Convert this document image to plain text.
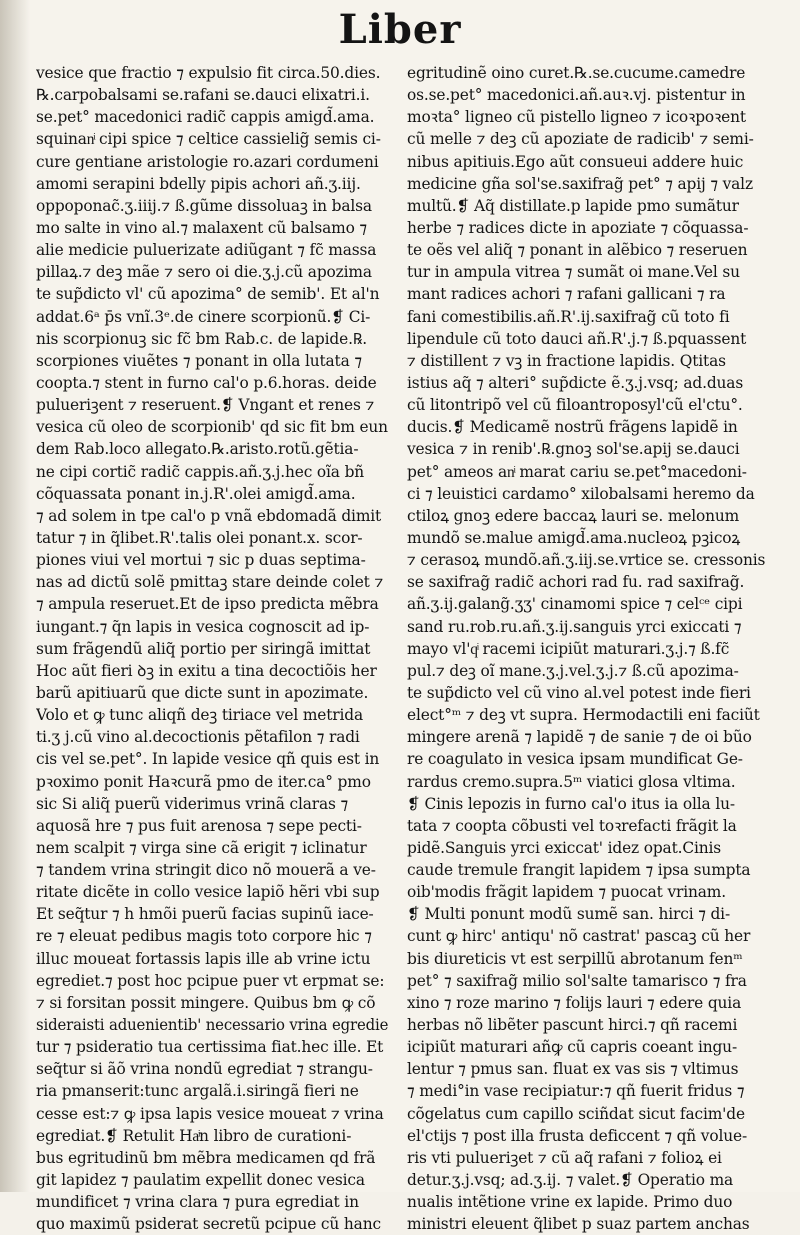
Liber
vesice que fractio ⁊ expulsio fit circa.50.dies.
℞.carpobalsami se.rafani se.dauci elixatri.i.
se.pet° macedonici radic̃ cappis amigd̃.ama.
squinanͥ cipi spice ⁊ celtice cassielig̃ semis ci-
cure gentiane aristologie ro.azari cordumeni
amomi serapini bdelly pipis achori añ.ʒ.iij.
oppoponac̃.ʒ.iiij.⁊ ß.gũme dissoluaꝫ in balsa
mo salte in vino al.⁊ malaxent cũ balsamo ⁊
alie medicie puluerizate adiũgant ⁊ fc̃ massa
pillaꝝ.⁊ deꝫ mãe ⁊ sero oi die.ʒ.j.cũ apozima
te sup̃dicto vl' cũ apozima° de semib'. Et al'n
addat.6ᵃ p̄s vnĩ.3ᵉ.de cinere scorpionũ.❡ Ci-
nis scorpionuꝫ sic fc̃ bm Rab.c. de lapide.℞.
scorpiones viuẽtes ⁊ ponant in olla lutata ⁊
coopta.⁊ stent in furno cal'o p.6.horas. deide
pulueriꝫent ⁊ reseruent.❡ Vngant et renes ⁊
vesica cũ oleo de scorpionib' qd sic fit bm eun
dem Rab.loco allegato.℞.aristo.rotũ.gẽtia-
ne cipi cortic̃ radic̃ cappis.añ.ʒ.j.hec oĩa bñ
cõquassata ponant in.j.R'.olei amigd̃.ama.
⁊ ad solem in tpe cal'o p vnã ebdomadã dimit
tatur ⁊ in q̃libet.R'.talis olei ponant.x. scor-
piones viui vel mortui ⁊ sic p duas septima-
nas ad dictũ solẽ pmittaꝫ stare deinde colet ⁊
⁊ ampula reseruet.Et de ipso predicta mẽbra
iungant.⁊ q̃n lapis in vesica cognoscit ad ip-
sum frãgendũ aliq̃ portio per siringã imittat
Hoc aũt fieri ꝺꝫ in exitu a tina decoctiõis her
barũ apitiuarũ que dicte sunt in apozimate.
Volo et ꝙ tunc aliqñ deꝫ tiriace vel metrida
ti.ʒ j.cũ vino al.decoctionis pẽtafilon ⁊ radi
cis vel se.pet°. In lapide vesice qñ quis est in
pꝛoximo ponit Haꝛcurã pmo de iter.ca° pmo
sic Si aliq̃ puerũ viderimus vrinã claras ⁊
aquosã hre ⁊ pus fuit arenosa ⁊ sepe pecti-
nem scalpit ⁊ virga sine cã erigit ⁊ iclinatur
⁊ tandem vrina stringit dico nõ mouerã a ve-
ritate dicẽte in collo vesice lapiõ hẽri vbi sup
Et seq̃tur ⁊ h hmõi puerũ facias supinũ iace-
re ⁊ eleuat pedibus magis toto corpore hic ⁊
illuc moueat fortassis lapis ille ab vrine ictu
egrediet.⁊ post hoc pcipue puer vt erpmat se:
⁊ si forsitan possit mingere. Quibus bm ꝙ cõ
sideraisti aduenientib' necessario vrina egredie
tur ⁊ psideratio tua certissima fiat.hec ille. Et
seq̃tur si ãõ vrina nondũ egrediat ⁊ strangu-
ria pmanserit:tunc argalã.i.siringã fieri ne
cesse est:⁊ ꝙ ipsa lapis vesice moueat ⁊ vrina
egrediat.❡ Retulit Haͥn libro de curationi-
bus egritudinũ bm mẽbra medicamen qd frã
git lapidez ⁊ paulatim expellit donec vesica
mundificet ⁊ vrina clara ⁊ pura egrediat in
quo maximũ psiderat secretũ pcipue cũ hanc
egritudinẽ oino curet.℞.se.cucume.camedre
os.se.pet° macedonici.añ.auꝛ.vj. pistentur in
moꝛta° ligneo cũ pistello ligneo ⁊ icoꝛpoꝛent
cũ melle ⁊ deꝫ cũ apoziate de radicib' ⁊ semi-
nibus apitiuis.Ego aũt consueui addere huic
medicine gña sol'se.saxifrag̃ pet° ⁊ apij ⁊ valz
multũ.❡ Aq̃ distillate.p lapide pmo sumãtur
herbe ⁊ radices dicte in apoziate ⁊ cõquassa-
te oẽs vel aliq̃ ⁊ ponant in alẽbico ⁊ reseruen
tur in ampula vitrea ⁊ sumãt oi mane.Vel su
mant radices achori ⁊ rafani gallicani ⁊ ra
fani comestibilis.añ.R'.ij.saxifrag̃ cũ toto fi
lipendule cũ toto dauci añ.R'.j.⁊ ß.pquassent
⁊ distillent ⁊ vꝫ in fractione lapidis. Qtitas
istius aq̃ ⁊ alteri° sup̃dicte ẽ.ʒ.j.vsq; ad.duas
cũ litontripõ vel cũ filoantroposyl'cũ el'ctu°.
ducis.❡ Medicamẽ nostrũ frãgens lapidẽ in
vesica ⁊ in renib'.℞.gnoꝫ sol'se.apij se.dauci
pet° ameos anͥ marat cariu se.pet°macedoni-
ci ⁊ leuistici cardamo° xilobalsami heremo da
ctiloꝝ gnoꝫ edere baccaꝝ lauri se. melonum
mundõ se.malue amigd̃.ama.nucleoꝝ pꝫicoꝝ
⁊ cerasoꝝ mundõ.añ.ʒ.iij.se.vrtice se. cressonis
se saxifrag̃ radic̃ achori rad fu. rad saxifrag̃.
añ.ʒ.ij.galang̃.ʒʒ' cinamomi spice ⁊ celᶜᵉ cipi
sand ru.rob.ru.añ.ʒ.ij.sanguis yrci exiccati ⁊
mayo vl'qͥ racemi icipiũt maturari.ʒ.j.⁊ ß.fc̃
pul.⁊ deꝫ oĩ mane.ʒ.j.vel.ʒ.j.⁊ ß.cũ apozima-
te sup̃dicto vel cũ vino al.vel potest inde fieri
elect°ᵐ ⁊ deꝫ vt supra. Hermodactili eni faciũt
mingere arenã ⁊ lapidẽ ⁊ de sanie ⁊ de oi bũo
re coagulato in vesica ipsam mundificat Ge-
rardus cremo.supra.5ᵐ viatici glosa vltima.
❡ Cinis lepozis in furno cal'o itus ia olla lu-
tata ⁊ coopta cõbusti vel toꝛrefacti frãgit la
pidẽ.Sanguis yrci exiccat' idez opat.Cinis
caude tremule frangit lapidem ⁊ ipsa sumpta
oib'modis frãgit lapidem ⁊ puocat vrinam.
❡ Multi ponunt modũ sumẽ san. hirci ⁊ di-
cunt ꝙ hirc' antiqu' nõ castrat' pascaꝫ cũ her
bis diureticis vt est serpillũ abrotanum fenᵐ
pet° ⁊ saxifrag̃ milio sol'salte tamarisco ⁊ fra
xino ⁊ roze marino ⁊ folijs lauri ⁊ edere quia
herbas nõ libẽter pascunt hirci.⁊ qñ racemi
icipiũt maturari añꝙ cũ capris coeant ingu-
lentur ⁊ pmus san. fluat ex vas sis ⁊ vltimus
⁊ medi°in vase recipiatur:⁊ qñ fuerit fridus ⁊
cõgelatus cum capillo sciñdat sicut facim'de
el'ctijs ⁊ post illa frusta deficcent ⁊ qñ volue-
ris vti pulueriꝫet ⁊ cũ aq̃ rafani ⁊ folioꝝ ei
detur.ʒ.j.vsq; ad.ʒ.ij. ⁊ valet.❡ Operatio ma
nualis intẽtione vrine ex lapide. Primo duo
ministri eleuent q̃libet p suaz partem anchas
